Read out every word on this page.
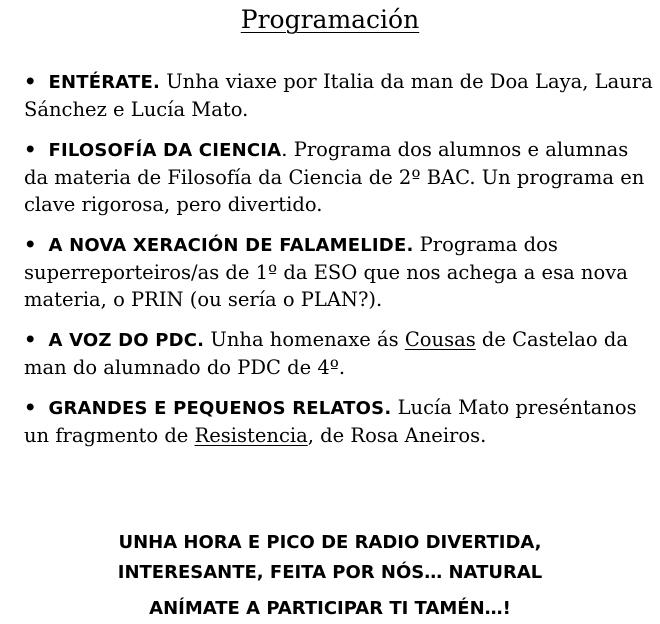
Programación
• ENTÉRATE. Unha viaxe por Italia da man de Doa Laya, Laura Sánchez e Lucía Mato.
• FILOSOFÍA DA CIENCIA. Programa dos alumnos e alumnas da materia de Filosofía da Ciencia de 2º BAC. Un programa en clave rigorosa, pero divertido.
• A NOVA XERACIÓN DE FALAMELIDE. Programa dos superreporteiros/as de 1º da ESO que nos achega a esa nova materia, o PRIN (ou sería o PLAN?).
• A VOZ DO PDC. Unha homenaxe ás Cousas de Castelao da man do alumnado do PDC de 4º.
• GRANDES E PEQUENOS RELATOS. Lucía Mato preséntanos un fragmento de Resistencia, de Rosa Aneiros.
UNHA HORA E PICO DE RADIO DIVERTIDA,
INTERESANTE, FEITA POR NÓS… NATURAL
ANÍMATE A PARTICIPAR TI TAMÉN…!
